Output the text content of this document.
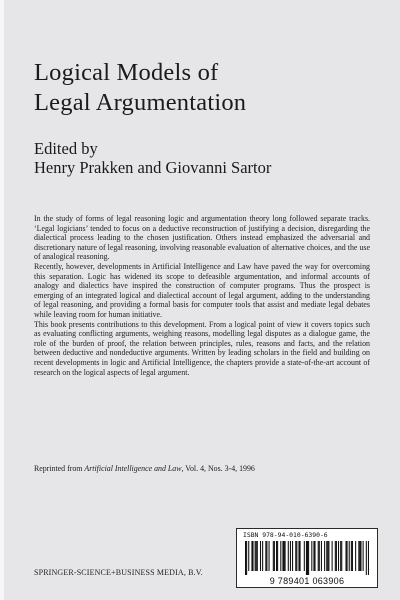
Logical Models of
Legal Argumentation
Edited by
Henry Prakken and Giovanni Sartor

In the study of forms of legal reasoning logic and argumentation theory long followed separate tracks. ‘Legal logicians’ tended to focus on a deductive reconstruction of justifying a decision, disregarding the dialectical process leading to the chosen justification. Others instead emphasized the adversarial and discretionary nature of legal reasoning, involving reasonable evaluation of alternative choices, and the use of analogical reasoning.

Recently, however, developments in Artificial Intelligence and Law have paved the way for overcoming this separation. Logic has widened its scope to defeasible argumentation, and informal accounts of analogy and dialectics have inspired the construction of computer programs. Thus the prospect is emerging of an integrated logical and dialectical account of legal argument, adding to the understanding of legal reasoning, and providing a formal basis for computer tools that assist and mediate legal debates while leaving room for human initiative.

This book presents contributions to this development. From a logical point of view it covers topics such as evaluating conflicting arguments, weighing reasons, modelling legal disputes as a dialogue game, the role of the burden of proof, the relation between principles, rules, reasons and facts, and the relation between deductive and nondeductive arguments. Written by leading scholars in the field and building on recent developments in logic and Artificial Intelligence, the chapters provide a state-of-the-art account of research on the logical aspects of legal argument.

Reprinted from Artificial Intelligence and Law, Vol. 4, Nos. 3-4, 1996
ISBN 978-94-010-6390-6
9 789401 063906
SPRINGER-SCIENCE+BUSINESS MEDIA, B.V.
